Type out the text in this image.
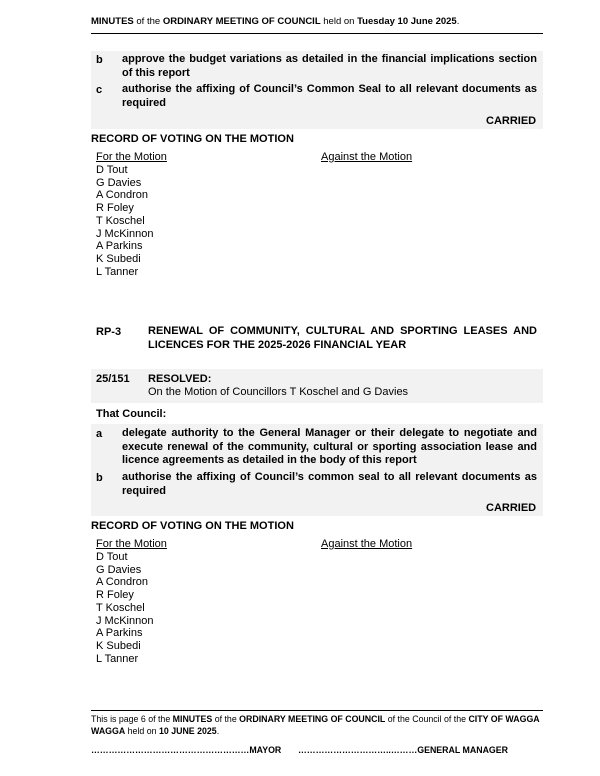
MINUTES of the ORDINARY MEETING OF COUNCIL held on Tuesday 10 June 2025.
b approve the budget variations as detailed in the financial implications section of this report
c authorise the affixing of Council’s Common Seal to all relevant documents as required
CARRIED
RECORD OF VOTING ON THE MOTION
For the Motion	Against the Motion
D Tout
G Davies
A Condron
R Foley
T Koschel
J McKinnon
A Parkins
K Subedi
L Tanner
RP-3 RENEWAL OF COMMUNITY, CULTURAL AND SPORTING LEASES AND LICENCES FOR THE 2025-2026 FINANCIAL YEAR
25/151 RESOLVED:
On the Motion of Councillors T Koschel and G Davies
That Council:
a delegate authority to the General Manager or their delegate to negotiate and execute renewal of the community, cultural or sporting association lease and licence agreements as detailed in the body of this report
b authorise the affixing of Council’s common seal to all relevant documents as required
CARRIED
RECORD OF VOTING ON THE MOTION
For the Motion	Against the Motion
D Tout
G Davies
A Condron
R Foley
T Koschel
J McKinnon
A Parkins
K Subedi
L Tanner
This is page 6 of the MINUTES of the ORDINARY MEETING OF COUNCIL of the Council of the CITY OF WAGGA WAGGA held on 10 JUNE 2025.
………………………………………………MAYOR …………………………..………GENERAL MANAGER
